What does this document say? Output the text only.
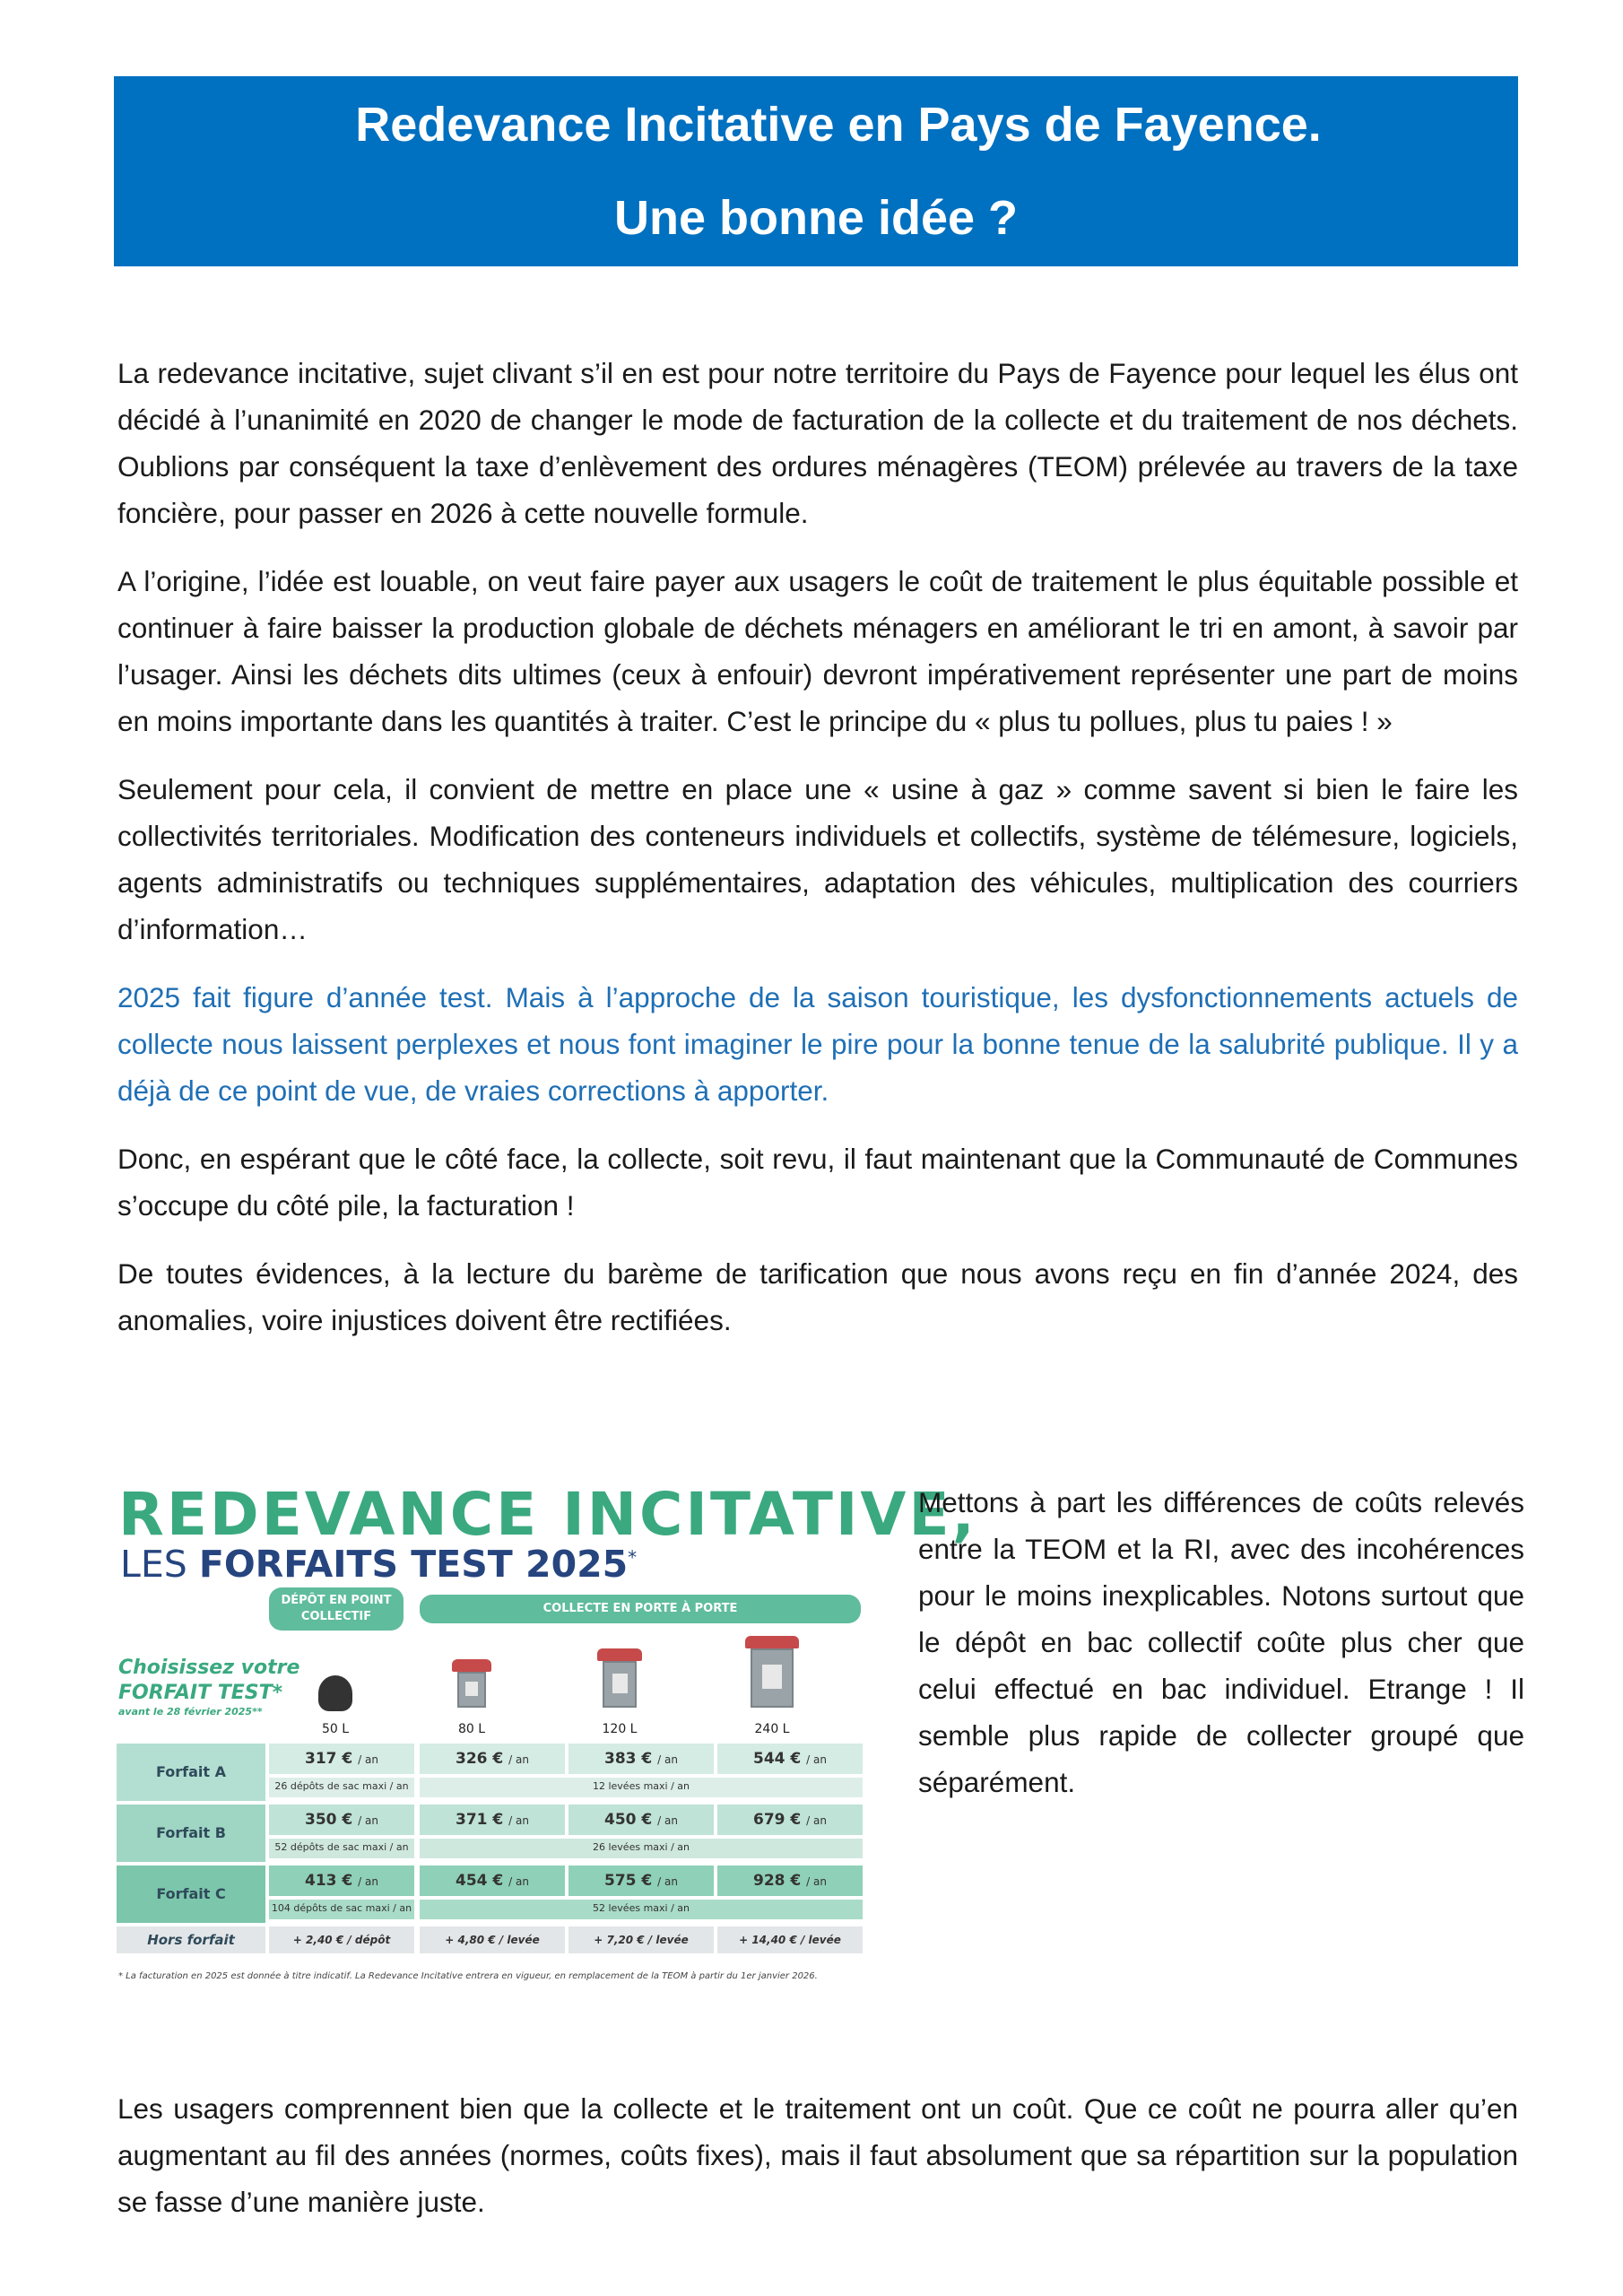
Redevance Incitative en Pays de Fayence.
Une bonne idée ?

La redevance incitative, sujet clivant s’il en est pour notre territoire du Pays de Fayence pour lequel les élus ont décidé à l’unanimité en 2020 de changer le mode de facturation de la collecte et du traitement de nos déchets. Oublions par conséquent la taxe d’enlèvement des ordures ménagères (TEOM) prélevée au travers de la taxe foncière, pour passer en 2026 à cette nouvelle formule.

A l’origine, l’idée est louable, on veut faire payer aux usagers le coût de traitement le plus équitable possible et continuer à faire baisser la production globale de déchets ménagers en améliorant le tri en amont, à savoir par l’usager. Ainsi les déchets dits ultimes (ceux à enfouir) devront impérativement représenter une part de moins en moins importante dans les quantités à traiter. C’est le principe du « plus tu pollues, plus tu paies ! »

Seulement pour cela, il convient de mettre en place une « usine à gaz » comme savent si bien le faire les collectivités territoriales. Modification des conteneurs individuels et collectifs, système de télémesure, logiciels, agents administratifs ou techniques supplémentaires, adaptation des véhicules, multiplication des courriers d’information…

2025 fait figure d’année test. Mais à l’approche de la saison touristique, les dysfonctionnements actuels de collecte nous laissent perplexes et nous font imaginer le pire pour la bonne tenue de la salubrité publique. Il y a déjà de ce point de vue, de vraies corrections à apporter.

Donc, en espérant que le côté face, la collecte, soit revu, il faut maintenant que la Communauté de Communes s’occupe du côté pile, la facturation !

De toutes évidences, à la lecture du barème de tarification que nous avons reçu en fin d’année 2024, des anomalies, voire injustices doivent être rectifiées.

REDEVANCE INCITATIVE,
LES FORFAITS TEST 2025*
DÉPÔT EN POINT COLLECTIF
COLLECTE EN PORTE À PORTE
Choisissez votre
FORFAIT TEST*
avant le 28 février 2025**
50 L	80 L	120 L	240 L
Forfait A
317 € / an	326 € / an	383 € / an	544 € / an
26 dépôts de sac maxi / an	12 levées maxi / an
Forfait B
350 € / an	371 € / an	450 € / an	679 € / an
52 dépôts de sac maxi / an	26 levées maxi / an
Forfait C
413 € / an	454 € / an	575 € / an	928 € / an
104 dépôts de sac maxi / an	52 levées maxi / an
Hors forfait	+ 2,40 € / dépôt	+ 4,80 € / levée	+ 7,20 € / levée	+ 14,40 € / levée
* La facturation en 2025 est donnée à titre indicatif. La Redevance Incitative entrera en vigueur, en remplacement de la TEOM à partir du 1er janvier 2026.
Mettons à part les différences de coûts relevés entre la TEOM et la RI, avec des incohérences pour le moins inexplicables. Notons surtout que le dépôt en bac collectif coûte plus cher que celui effectué en bac individuel. Etrange ! Il semble plus rapide de collecter groupé que séparément.
Les usagers comprennent bien que la collecte et le traitement ont un coût. Que ce coût ne pourra aller qu’en augmentant au fil des années (normes, coûts fixes), mais il faut absolument que sa répartition sur la population se fasse d’une manière juste.
